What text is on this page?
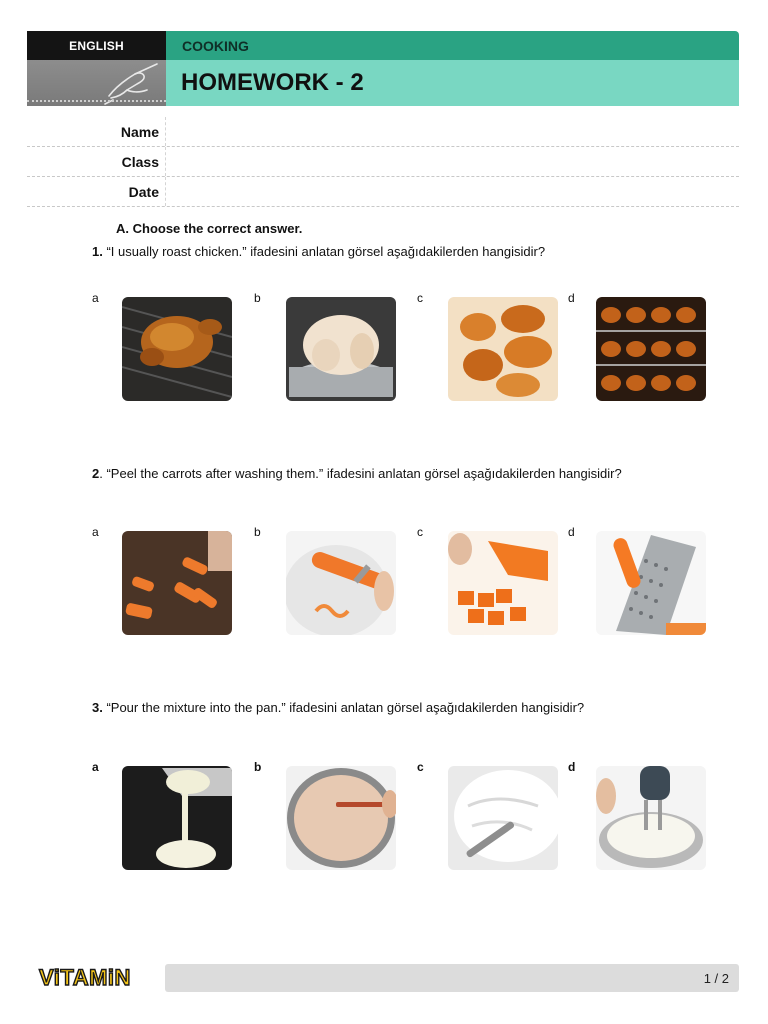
ENGLISH	COOKING
HOMEWORK - 2
Name
Class
Date
A. Choose the correct answer.
1. “I usually roast chicken.” ifadesini anlatan görsel aşağıdakilerden hangisidir?
a	b	c	d
2. “Peel the carrots after washing them.” ifadesini anlatan görsel aşağıdakilerden hangisidir?
a	b	c	d
3. “Pour the mixture into the pan.” ifadesini anlatan görsel aşağıdakilerden hangisidir?
a	b	c	d
ViTAMiN	1 / 2
